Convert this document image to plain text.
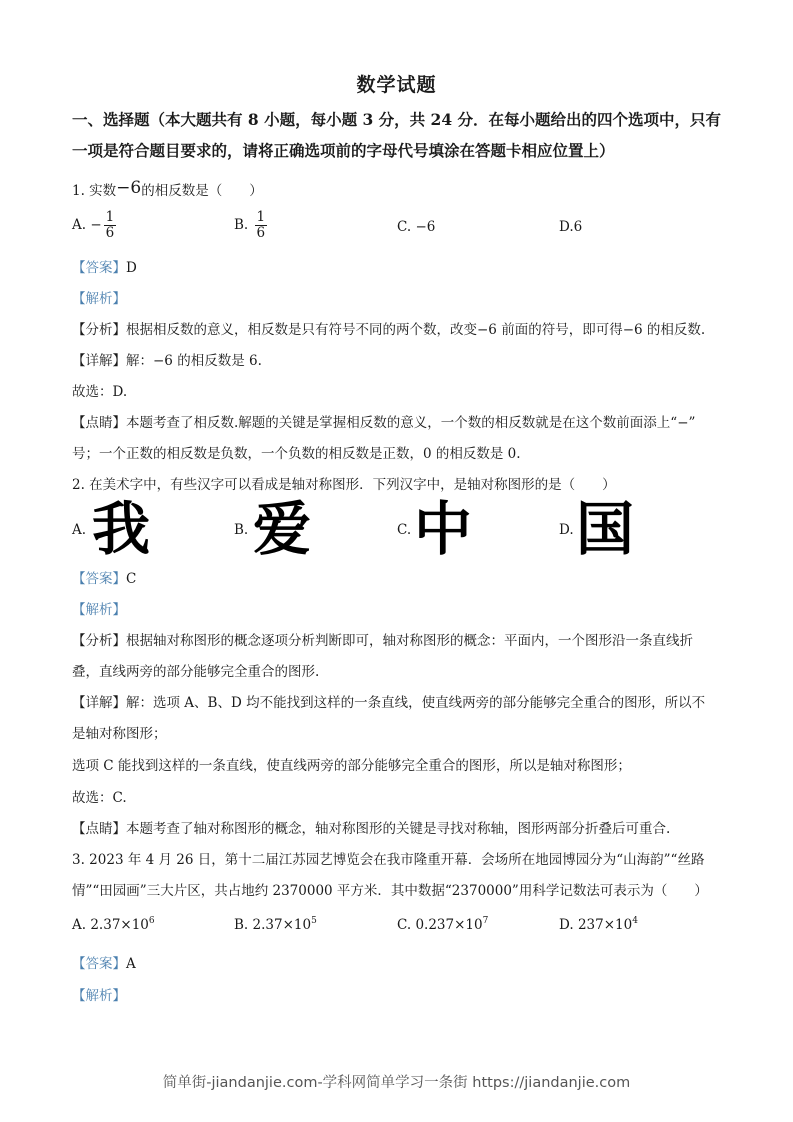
数学试题
一、选择题（本大题共有 8 小题，每小题 3 分，共 24 分．在每小题给出的四个选项中，只有
一项是符合题目要求的，请将正确选项前的字母代号填涂在答题卡相应位置上）
1. 实数−6的相反数是（　　）
A. − $\frac{1}{6}$	B. $\frac{1}{6}$	C. −6	D.6
【答案】D
【解析】
【分析】根据相反数的意义，相反数是只有符号不同的两个数，改变−6 前面的符号，即可得−6 的相反数.
【详解】解：−6 的相反数是 6.
故选：D.
【点睛】本题考查了相反数.解题的关键是掌握相反数的意义，一个数的相反数就是在这个数前面添上“−”
号；一个正数的相反数是负数，一个负数的相反数是正数，0 的相反数是 0.
2. 在美术字中，有些汉字可以看成是轴对称图形．下列汉字中，是轴对称图形的是（　　）
A. 我	B. 爱	C. 中	D. 国
【答案】C
【解析】
【分析】根据轴对称图形的概念逐项分析判断即可，轴对称图形的概念：平面内，一个图形沿一条直线折
叠，直线两旁的部分能够完全重合的图形.
【详解】解：选项 A、B、D 均不能找到这样的一条直线，使直线两旁的部分能够完全重合的图形，所以不
是轴对称图形；
选项 C 能找到这样的一条直线，使直线两旁的部分能够完全重合的图形，所以是轴对称图形；
故选：C.
【点睛】本题考查了轴对称图形的概念，轴对称图形的关键是寻找对称轴，图形两部分折叠后可重合.
3. 2023 年 4 月 26 日，第十二届江苏园艺博览会在我市隆重开幕．会场所在地园博园分为“山海韵”“丝路
情”“田园画”三大片区，共占地约 2370000 平方米．其中数据“2370000”用科学记数法可表示为（　　）
A. $2.37\times 10^6$	B. $2.37\times 10^5$	C. $0.237\times 10^7$	D. $237\times 10^4$
【答案】A
【解析】
简单街-jiandanjie.com-学科网简单学习一条街 https://jiandanjie.com
